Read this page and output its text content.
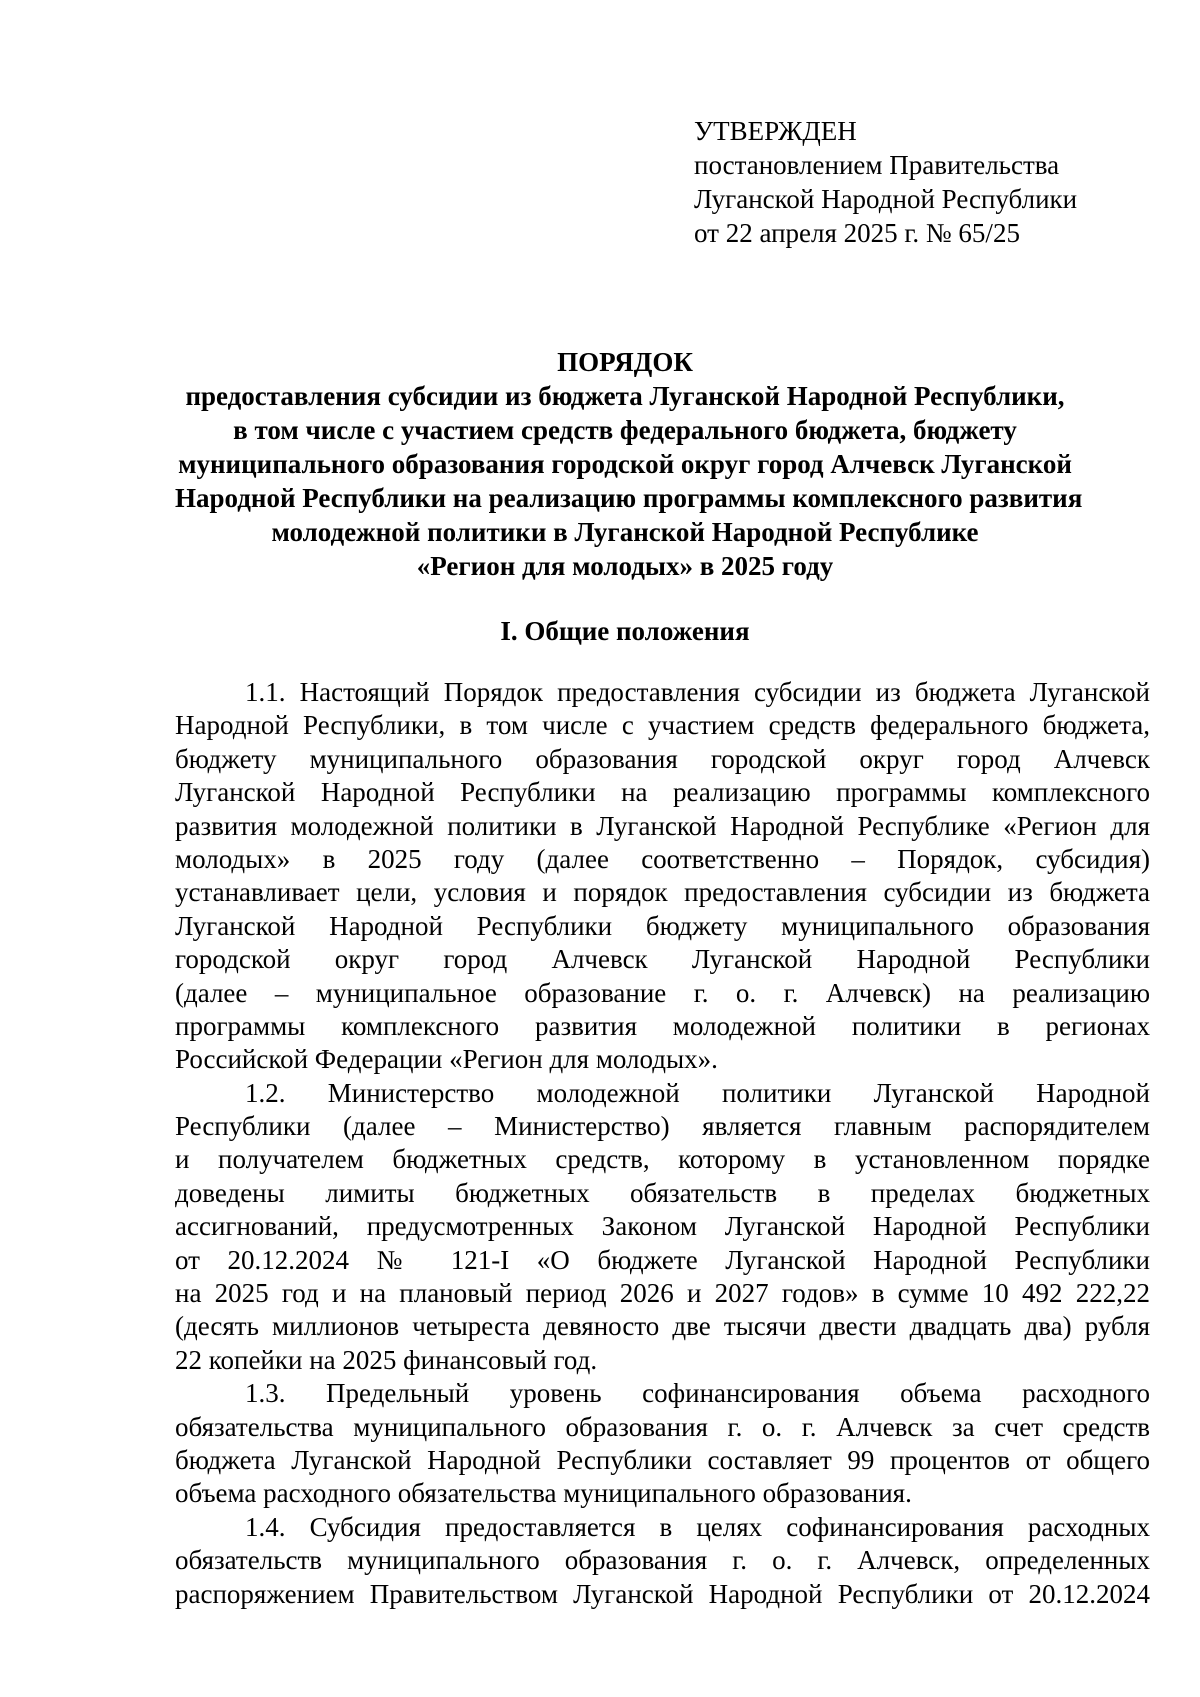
УТВЕРЖДЕН
постановлением Правительства
Луганской Народной Республики
от 22 апреля 2025 г. № 65/25
ПОРЯДОК
предоставления субсидии из бюджета Луганской Народной Республики,
в том числе с участием средств федерального бюджета, бюджету
муниципального образования городской округ город Алчевск Луганской
Народной Республики на реализацию программы комплексного развития
молодежной политики в Луганской Народной Республике
«Регион для молодых» в 2025 году
I. Общие положения
1.1. Настоящий Порядок предоставления субсидии из бюджета Луганской
Народной Республики, в том числе с участием средств федерального бюджета,
бюджету муниципального образования городской округ город Алчевск
Луганской Народной Республики на реализацию программы комплексного
развития молодежной политики в Луганской Народной Республике «Регион для
молодых» в 2025 году (далее соответственно – Порядок, субсидия)
устанавливает цели, условия и порядок предоставления субсидии из бюджета
Луганской Народной Республики бюджету муниципального образования
городской округ город Алчевск Луганской Народной Республики
(далее – муниципальное образование г. о. г. Алчевск) на реализацию
программы комплексного развития молодежной политики в регионах
Российской Федерации «Регион для молодых».
1.2. Министерство молодежной политики Луганской Народной
Республики (далее – Министерство) является главным распорядителем
и получателем бюджетных средств, которому в установленном порядке
доведены лимиты бюджетных обязательств в пределах бюджетных
ассигнований, предусмотренных Законом Луганской Народной Республики
от 20.12.2024 № 121-I «О бюджете Луганской Народной Республики
на 2025 год и на плановый период 2026 и 2027 годов» в сумме 10 492 222,22
(десять миллионов четыреста девяносто две тысячи двести двадцать два) рубля
22 копейки на 2025 финансовый год.
1.3. Предельный уровень софинансирования объема расходного
обязательства муниципального образования г. о. г. Алчевск за счет средств
бюджета Луганской Народной Республики составляет 99 процентов от общего
объема расходного обязательства муниципального образования.
1.4. Субсидия предоставляется в целях софинансирования расходных
обязательств муниципального образования г. о. г. Алчевск, определенных
распоряжением Правительством Луганской Народной Республики от 20.12.2024
